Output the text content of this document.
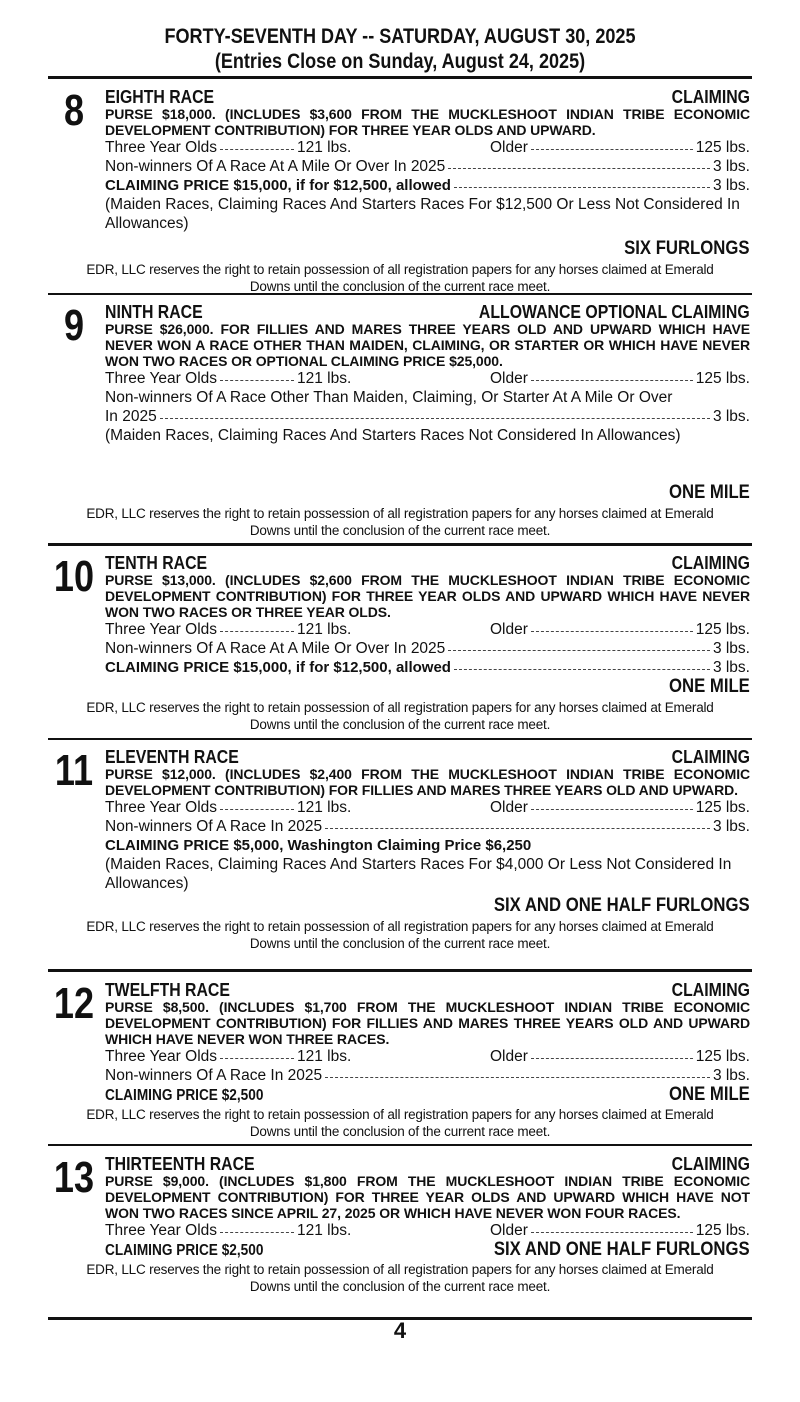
FORTY-SEVENTH DAY -- SATURDAY, AUGUST 30, 2025
(Entries Close on Sunday, August 24, 2025)
8	EIGHTH RACE	CLAIMING
PURSE $18,000. (INCLUDES $3,600 FROM THE MUCKLESHOOT INDIAN TRIBE ECONOMIC DEVELOPMENT CONTRIBUTION) FOR THREE YEAR OLDS AND UPWARD.
Three Year Olds	121 lbs.	Older	125 lbs.
Non-winners Of A Race At A Mile Or Over In 2025	3 lbs.
CLAIMING PRICE $15,000, if for $12,500, allowed	3 lbs.
(Maiden Races, Claiming Races And Starters Races For $12,500 Or Less Not Considered In Allowances)
SIX FURLONGS
EDR, LLC reserves the right to retain possession of all registration papers for any horses claimed at Emerald
Downs until the conclusion of the current race meet.
9	NINTH RACE	ALLOWANCE OPTIONAL CLAIMING
PURSE $26,000. FOR FILLIES AND MARES THREE YEARS OLD AND UPWARD WHICH HAVE NEVER WON A RACE OTHER THAN MAIDEN, CLAIMING, OR STARTER OR WHICH HAVE NEVER WON TWO RACES OR OPTIONAL CLAIMING PRICE $25,000.
Three Year Olds	121 lbs.	Older	125 lbs.
Non-winners Of A Race Other Than Maiden, Claiming, Or Starter At A Mile Or Over
In 2025	3 lbs.
(Maiden Races, Claiming Races And Starters Races Not Considered In Allowances)
ONE MILE
EDR, LLC reserves the right to retain possession of all registration papers for any horses claimed at Emerald
Downs until the conclusion of the current race meet.
10 TENTH RACE	CLAIMING
PURSE $13,000. (INCLUDES $2,600 FROM THE MUCKLESHOOT INDIAN TRIBE ECONOMIC DEVELOPMENT CONTRIBUTION) FOR THREE YEAR OLDS AND UPWARD WHICH HAVE NEVER WON TWO RACES OR THREE YEAR OLDS.
Three Year Olds	121 lbs.	Older	125 lbs.
Non-winners Of A Race At A Mile Or Over In 2025	3 lbs.
CLAIMING PRICE $15,000, if for $12,500, allowed	3 lbs.
ONE MILE
EDR, LLC reserves the right to retain possession of all registration papers for any horses claimed at Emerald
Downs until the conclusion of the current race meet.
11 ELEVENTH RACE	CLAIMING
PURSE $12,000. (INCLUDES $2,400 FROM THE MUCKLESHOOT INDIAN TRIBE ECONOMIC DEVELOPMENT CONTRIBUTION) FOR FILLIES AND MARES THREE YEARS OLD AND UPWARD.
Three Year Olds	121 lbs.	Older	125 lbs.
Non-winners Of A Race In 2025	3 lbs.
CLAIMING PRICE $5,000, Washington Claiming Price $6,250
(Maiden Races, Claiming Races And Starters Races For $4,000 Or Less Not Considered In Allowances)
SIX AND ONE HALF FURLONGS
EDR, LLC reserves the right to retain possession of all registration papers for any horses claimed at Emerald
Downs until the conclusion of the current race meet.
12 TWELFTH RACE	CLAIMING
PURSE $8,500. (INCLUDES $1,700 FROM THE MUCKLESHOOT INDIAN TRIBE ECONOMIC DEVELOPMENT CONTRIBUTION) FOR FILLIES AND MARES THREE YEARS OLD AND UPWARD WHICH HAVE NEVER WON THREE RACES.
Three Year Olds	121 lbs.	Older	125 lbs.
Non-winners Of A Race In 2025	3 lbs.
CLAIMING PRICE $2,500	ONE MILE
EDR, LLC reserves the right to retain possession of all registration papers for any horses claimed at Emerald
Downs until the conclusion of the current race meet.
13 THIRTEENTH RACE	CLAIMING
PURSE $9,000. (INCLUDES $1,800 FROM THE MUCKLESHOOT INDIAN TRIBE ECONOMIC DEVELOPMENT CONTRIBUTION) FOR THREE YEAR OLDS AND UPWARD WHICH HAVE NOT WON TWO RACES SINCE APRIL 27, 2025 OR WHICH HAVE NEVER WON FOUR RACES.
Three Year Olds	121 lbs.	Older	125 lbs.
CLAIMING PRICE $2,500	SIX AND ONE HALF FURLONGS
EDR, LLC reserves the right to retain possession of all registration papers for any horses claimed at Emerald
Downs until the conclusion of the current race meet.
4
